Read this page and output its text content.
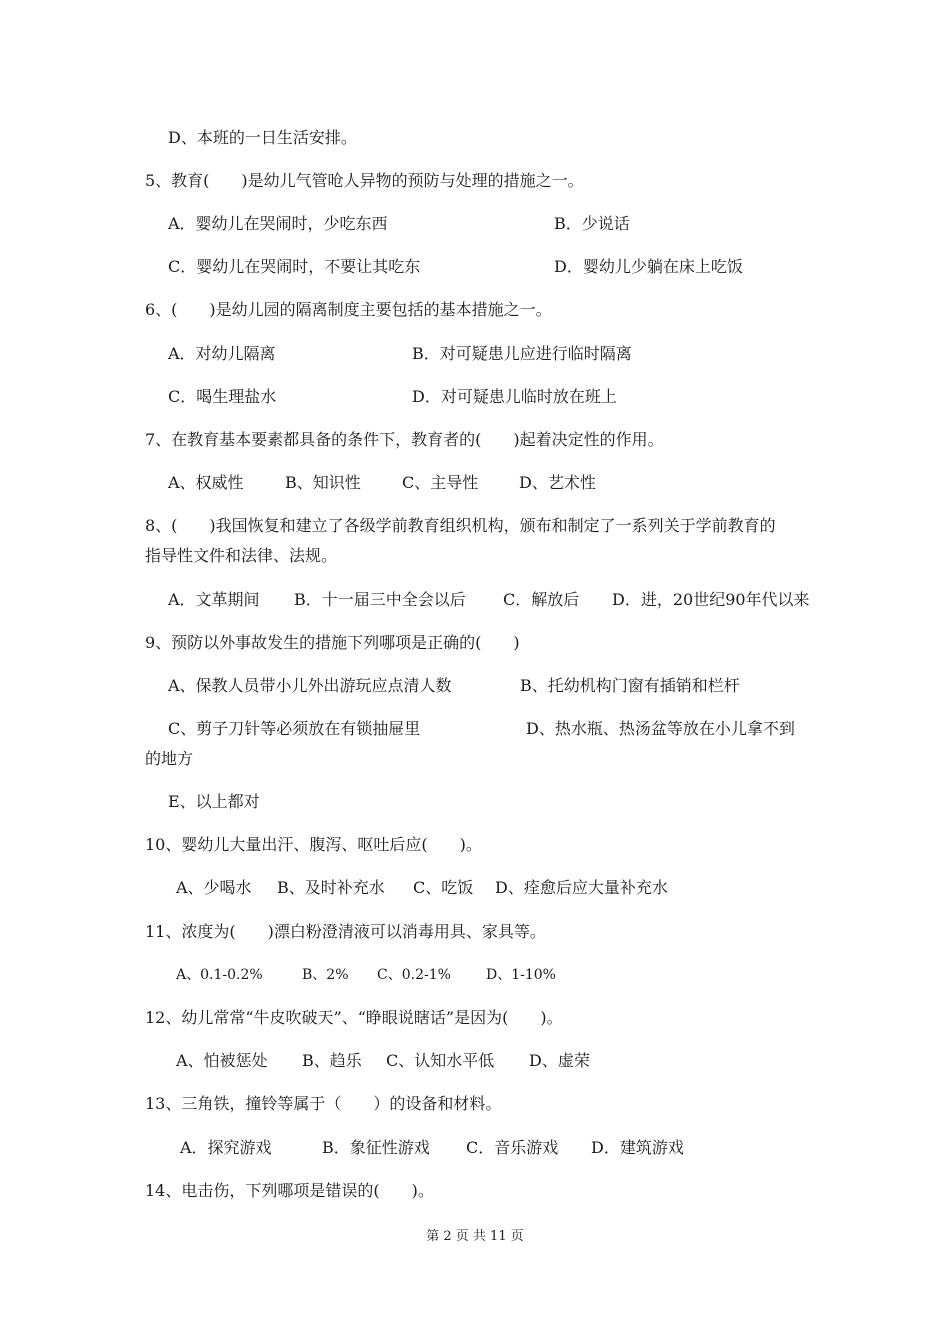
D、本班的一日生活安排。
5、教育(　　)是幼儿气管呛人异物的预防与处理的措施之一。
A．婴幼儿在哭闹时，少吃东西	B．少说话
C．婴幼儿在哭闹时，不要让其吃东	D．婴幼儿少躺在床上吃饭
6、(　　)是幼儿园的隔离制度主要包括的基本措施之一。
A．对幼儿隔离	B．对可疑患儿应进行临时隔离
C．喝生理盐水	D．对可疑患儿临时放在班上
7、在教育基本要素都具备的条件下，教育者的(　　)起着决定性的作用。
A、权威性	B、知识性	C、主导性	D、艺术性
8、(　　)我国恢复和建立了各级学前教育组织机构，颁布和制定了一系列关于学前教育的
指导性文件和法律、法规。
A．文革期间 B．十一届三中全会以后 C．解放后 D．进，20世纪90年代以来
9、预防以外事故发生的措施下列哪项是正确的(　　)
A、保教人员带小儿外出游玩应点清人数	B、托幼机构门窗有插销和栏杆
C、剪子刀针等必须放在有锁抽屉里	D、热水瓶、热汤盆等放在小儿拿不到
的地方
E、以上都对
10、婴幼儿大量出汗、腹泻、呕吐后应(　　)。
A、少喝水 B、及时补充水 C、吃饭 D、痊愈后应大量补充水
11、浓度为(　　)漂白粉澄清液可以消毒用具、家具等。
A、0.1-0.2%	B、2% C、0.2-1%	D、1-10%
12、幼儿常常“牛皮吹破天”、“睁眼说瞎话”是因为(　　)。
A、怕被惩处 B、趋乐 C、认知水平低 D、虚荣
13、三角铁，撞铃等属于（　　）的设备和材料。
A．探究游戏	B．象征性游戏 C．音乐游戏 D．建筑游戏
14、电击伤，下列哪项是错误的(　　)。
第 2 页 共 11 页
